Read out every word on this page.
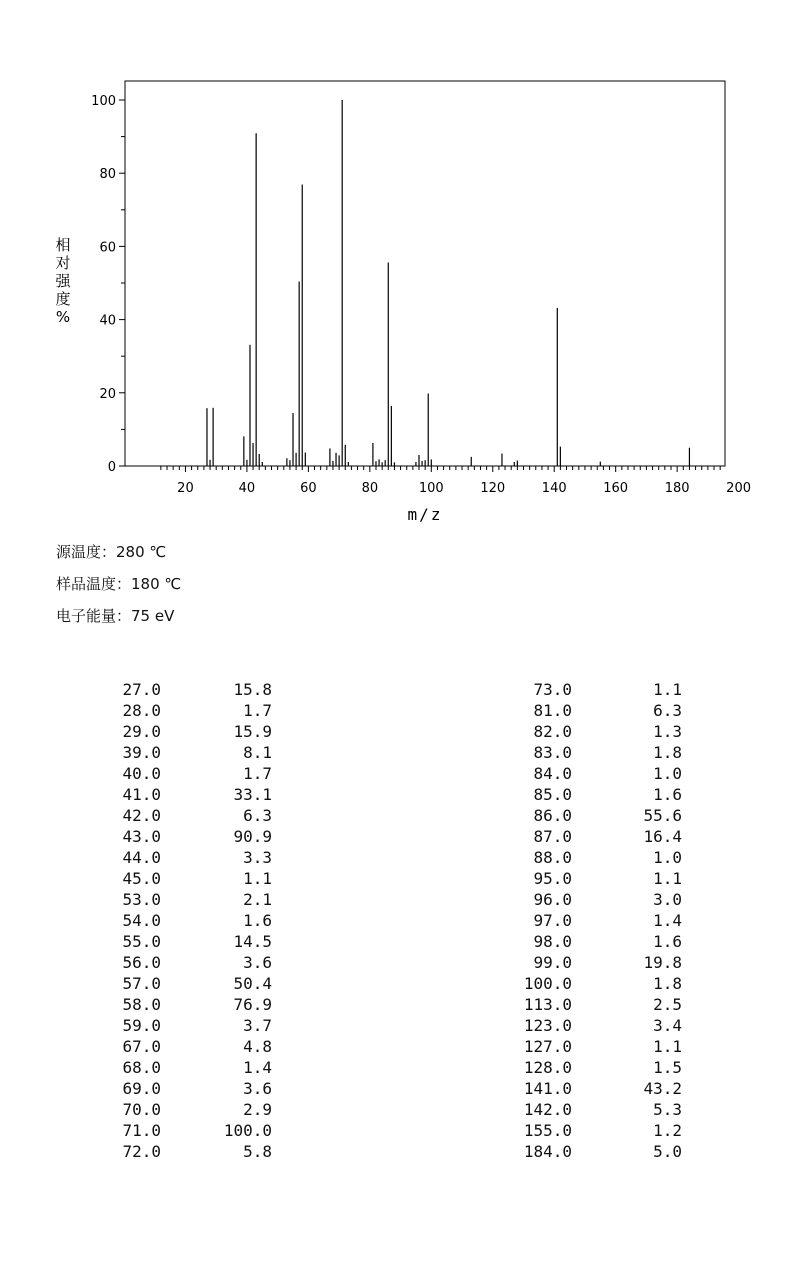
0
20
40
60
80
100
20	40	60	80	100	120	140	160	180	200
m/z
相对强度%
源温度：280 ℃
样品温度：180 ℃
电子能量：75 eV
27.0	15.8
28.0	1.7
29.0	15.9
39.0	8.1
40.0	1.7
41.0	33.1
42.0	6.3
43.0	90.9
44.0	3.3
45.0	1.1
53.0	2.1
54.0	1.6
55.0	14.5
56.0	3.6
57.0	50.4
58.0	76.9
59.0	3.7
67.0	4.8
68.0	1.4
69.0	3.6
70.0	2.9
71.0	100.0
72.0	5.8
73.0	1.1
81.0	6.3
82.0	1.3
83.0	1.8
84.0	1.0
85.0	1.6
86.0	55.6
87.0	16.4
88.0	1.0
95.0	1.1
96.0	3.0
97.0	1.4
98.0	1.6
99.0	19.8
100.0	1.8
113.0	2.5
123.0	3.4
127.0	1.1
128.0	1.5
141.0	43.2
142.0	5.3
155.0	1.2
184.0	5.0
